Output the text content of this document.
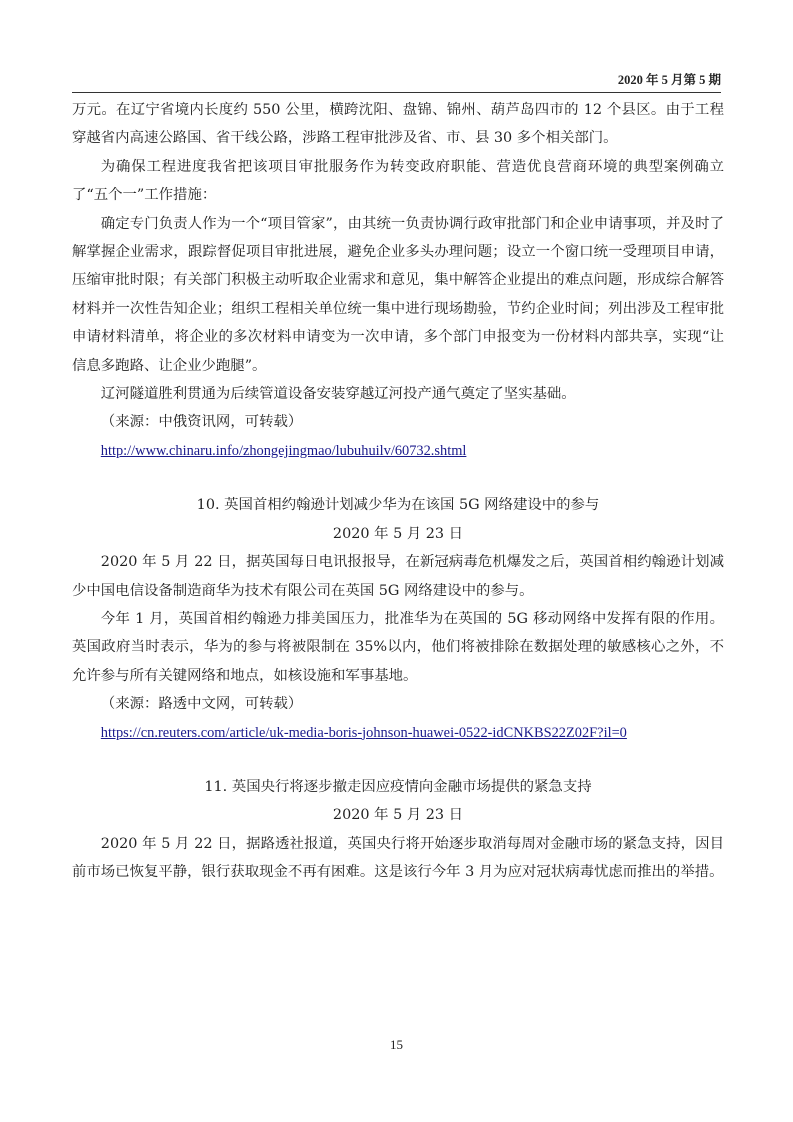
2020 年 5 月第 5 期

万元。在辽宁省境内长度约 550 公里，横跨沈阳、盘锦、锦州、葫芦岛四市的 12 个县区。由于工程穿越省内高速公路国、省干线公路，涉路工程审批涉及省、市、县 30 多个相关部门。

为确保工程进度我省把该项目审批服务作为转变政府职能、营造优良营商环境的典型案例确立了“五个一”工作措施：

确定专门负责人作为一个“项目管家”，由其统一负责协调行政审批部门和企业申请事项，并及时了解掌握企业需求，跟踪督促项目审批进展，避免企业多头办理问题；设立一个窗口统一受理项目申请，压缩审批时限；有关部门积极主动听取企业需求和意见，集中解答企业提出的难点问题，形成综合解答材料并一次性告知企业；组织工程相关单位统一集中进行现场勘验，节约企业时间；列出涉及工程审批申请材料清单，将企业的多次材料申请变为一次申请，多个部门申报变为一份材料内部共享，实现“让信息多跑路、让企业少跑腿”。

辽河隧道胜利贯通为后续管道设备安装穿越辽河投产通气奠定了坚实基础。

（来源：中俄资讯网，可转载）

http://www.chinaru.info/zhongejingmao/lubuhuilv/60732.shtml

10. 英国首相约翰逊计划减少华为在该国 5G 网络建设中的参与

2020 年 5 月 23 日

2020 年 5 月 22 日，据英国每日电讯报报导，在新冠病毒危机爆发之后，英国首相约翰逊计划减少中国电信设备制造商华为技术有限公司在英国 5G 网络建设中的参与。

今年 1 月，英国首相约翰逊力排美国压力，批准华为在英国的 5G 移动网络中发挥有限的作用。英国政府当时表示，华为的参与将被限制在 35%以内，他们将被排除在数据处理的敏感核心之外，不允许参与所有关键网络和地点，如核设施和军事基地。

（来源：路透中文网，可转载）

https://cn.reuters.com/article/uk-media-boris-johnson-huawei-0522-idCNKBS22Z02F?il=0

11. 英国央行将逐步撤走因应疫情向金融市场提供的紧急支持

2020 年 5 月 23 日

2020 年 5 月 22 日，据路透社报道，英国央行将开始逐步取消每周对金融市场的紧急支持，因目前市场已恢复平静，银行获取现金不再有困难。这是该行今年 3 月为应对冠状病毒忧虑而推出的举措。

15
